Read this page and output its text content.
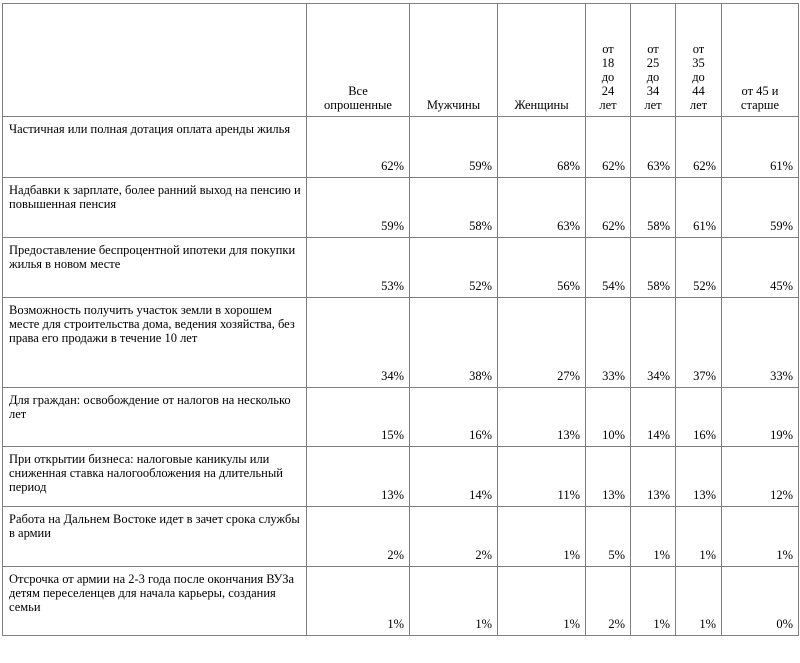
	Все
опрошенные	Мужчины	Женщины	от
18
до
24
лет	от
25
до
34
лет	от
35
до
44
лет	от 45 и
старше
Частичная или полная дотация оплата аренды жилья	62%	59%	68%	62%	63%	62%	61%
Надбавки к зарплате, более ранний выход на пенсию и повышенная пенсия	59%	58%	63%	62%	58%	61%	59%
Предоставление беспроцентной ипотеки для покупки жилья в новом месте	53%	52%	56%	54%	58%	52%	45%
Возможность получить участок земли в хорошем месте для строительства дома, ведения хозяйства, без права его продажи в течение 10 лет	34%	38%	27%	33%	34%	37%	33%
Для граждан: освобождение от налогов на несколько лет	15%	16%	13%	10%	14%	16%	19%
При открытии бизнеса: налоговые каникулы или сниженная ставка налогообложения на длительный период	13%	14%	11%	13%	13%	13%	12%
Работа на Дальнем Востоке идет в зачет срока службы в армии	2%	2%	1%	5%	1%	1%	1%
Отсрочка от армии на 2-3 года после окончания ВУЗа детям переселенцев для начала карьеры, создания семьи	1%	1%	1%	2%	1%	1%	0%
